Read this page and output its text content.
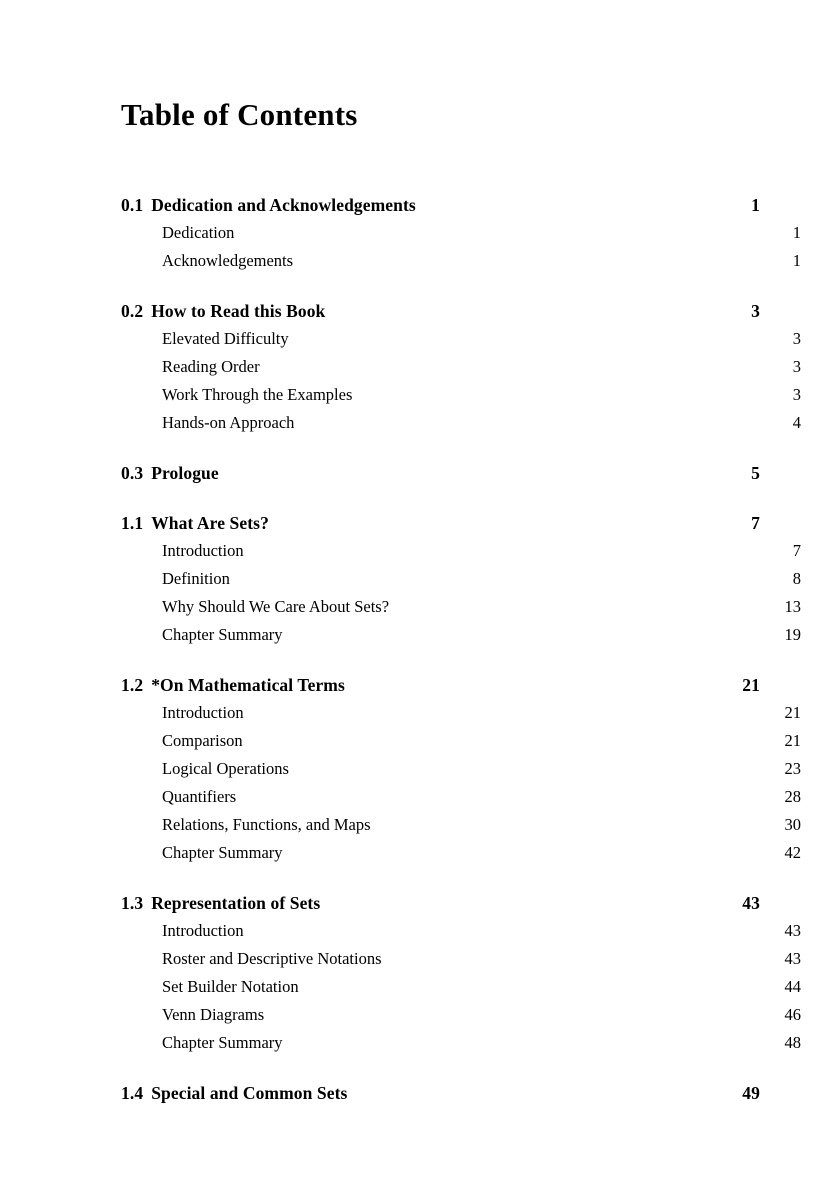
Table of Contents
0.1 Dedication and Acknowledgements	1
Dedication	1
Acknowledgements	1
0.2 How to Read this Book	3
Elevated Difficulty	3
Reading Order	3
Work Through the Examples	3
Hands-on Approach	4
0.3 Prologue	5
1.1 What Are Sets?	7
Introduction	7
Definition	8
Why Should We Care About Sets?	13
Chapter Summary	19
1.2 *On Mathematical Terms	21
Introduction	21
Comparison	21
Logical Operations	23
Quantifiers	28
Relations, Functions, and Maps	30
Chapter Summary	42
1.3 Representation of Sets	43
Introduction	43
Roster and Descriptive Notations	43
Set Builder Notation	44
Venn Diagrams	46
Chapter Summary	48
1.4 Special and Common Sets	49
